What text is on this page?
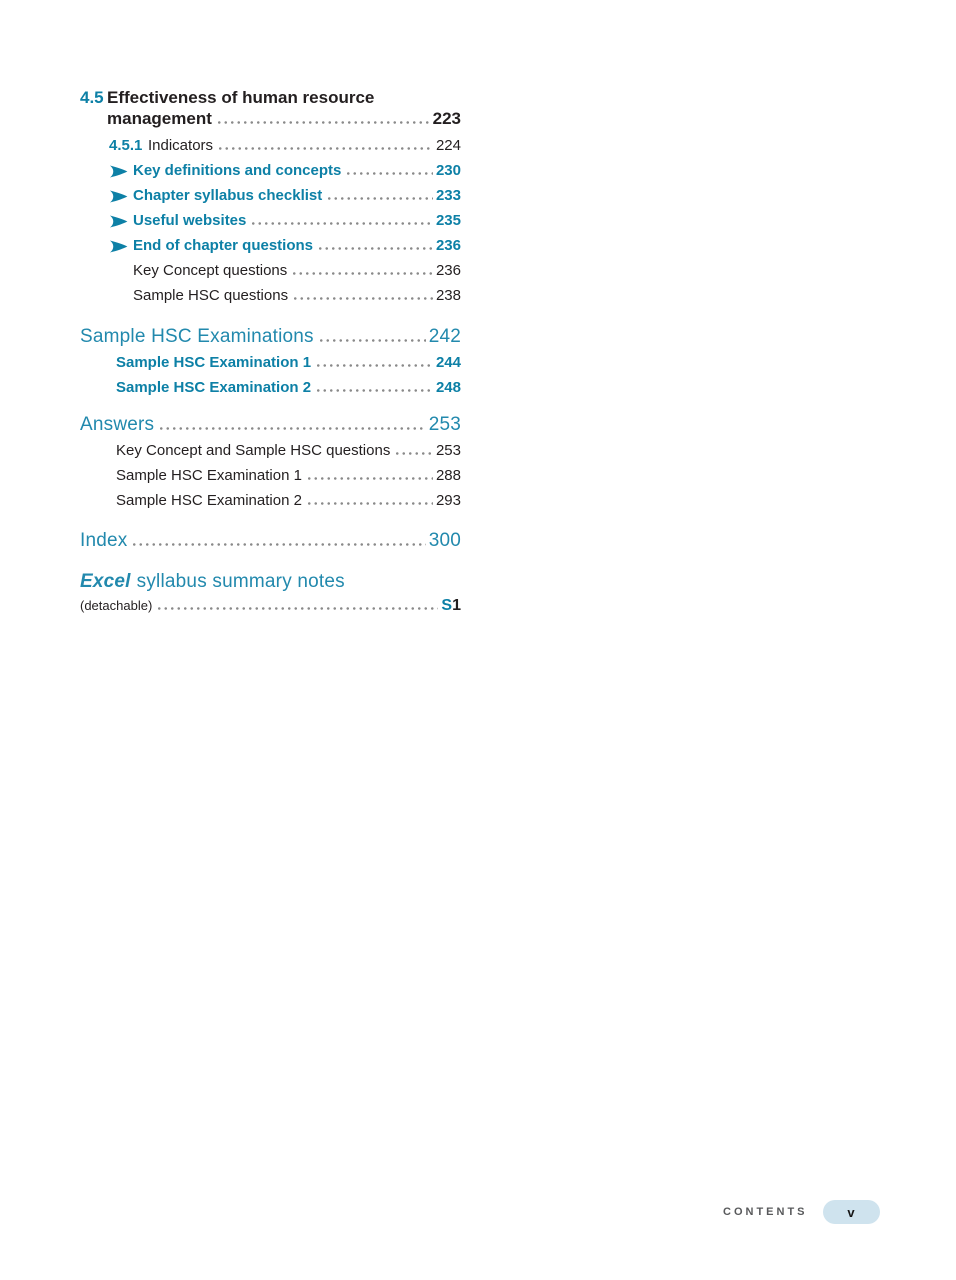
4.5 Effectiveness of human resource
management	223
4.5.1 Indicators	224
Key definitions and concepts	230
Chapter syllabus checklist	233
Useful websites	235
End of chapter questions	236
Key Concept questions	236
Sample HSC questions	238
Sample HSC Examinations	242
Sample HSC Examination 1	244
Sample HSC Examination 2	248
Answers	253
Key Concept and Sample HSC questions	253
Sample HSC Examination 1	288
Sample HSC Examination 2	293
Index	300
Excel syllabus summary notes
(detachable)	S 1
CONTENTS	v
